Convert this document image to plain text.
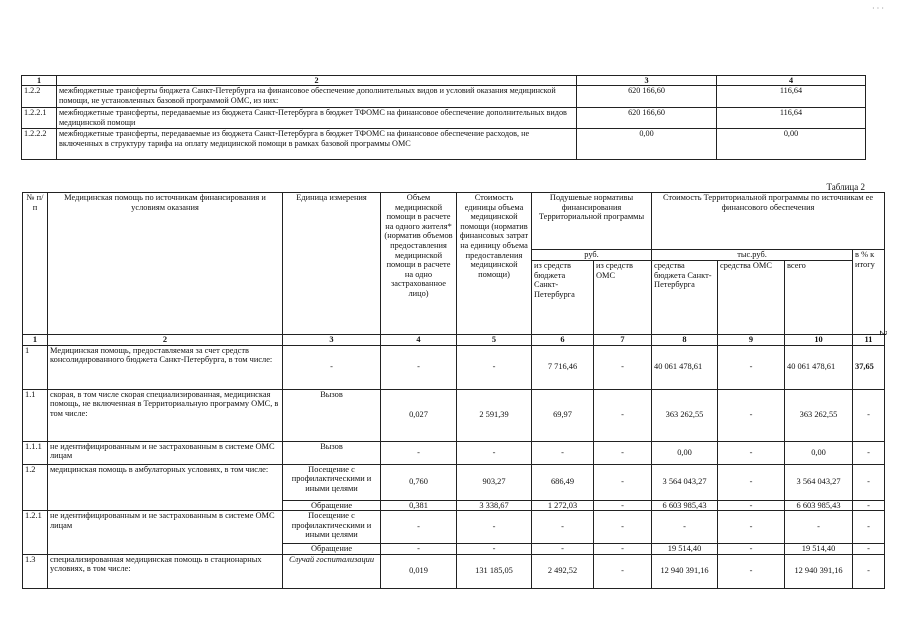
· · ·
1	2	3	4
1.2.2	межбюджетные трансферты бюджета Санкт-Петербурга на финансовое обеспечение дополнительных видов и условий оказания медицинской помощи, не установленных базовой программой ОМС, из них:	620 166,60	116,64
1.2.2.1	межбюджетные трансферты, передаваемые из бюджета Санкт-Петербурга в бюджет ТФОМС на финансовое обеспечение дополнительных видов медицинской помощи	620 166,60	116,64
1.2.2.2	межбюджетные трансферты, передаваемые из бюджета Санкт-Петербурга в бюджет ТФОМС на финансовое обеспечение расходов, не включенных в структуру тарифа на оплату медицинской помощи в рамках базовой программы ОМС	0,00	0,00
Таблица 2
№ п/п	Медицинская помощь по источникам финансирования и условиям оказания	Единица измерения	Объем медицинской помощи в расчете на одного жителя* (норматив объемов предоставления медицинской помощи в расчете на одно застрахованное лицо)	Стоимость единицы объема медицинской помощи (норматив финансовых затрат на единицу объема предоставления медицинской помощи)	Подушевые нормативы финансирования Территориальной программы		Стоимость Территориальной программы по источникам ее финансового обеспечения			
					руб.		тыс.руб.			в % к итогу
					из средств бюджета Санкт-Петербурга	из средств ОМС	средства бюджета Санкт-Петербурга	средства ОМС	всего	

1	2	3	4	5	6	7	8	9	10	11
1	Медицинская помощь, предоставляемая за счет средств консолидированного бюджета Санкт-Петербурга, в том числе:	-	-	-	7 716,46	-	40 061 478,61	-	40 061 478,61	37,65
1.1	скорая, в том числе скорая специализированная, медицинская помощь, не включенная в Территориальную программу ОМС, в том числе:	Вызов	0,027	2 591,39	69,97	-	363 262,55	-	363 262,55	-
1.1.1	не идентифицированным и не застрахованным в системе ОМС лицам	Вызов	-	-	-	-	0,00	-	0,00	-
1.2	медицинская помощь в амбулаторных условиях, в том числе:	Посещение с профилактическими и иными целями	0,760	903,27	686,49	-	3 564 043,27	-	3 564 043,27	-
		Обращение	0,381	3 338,67	1 272,03	-	6 603 985,43	-	6 603 985,43	-
1.2.1	не идентифицированным и не застрахованным в системе ОМС лицам	Посещение с профилактическими и иными целями	-	-	-	-	-	-	-	-
		Обращение	-	-	-	-	19 514,40	-	19 514,40	-
1.3	специализированная медицинская помощь в стационарных условиях, в том числе:	Случай госпитализации	0,019	131 185,05	2 492,52	-	12 940 391,16	-	12 940 391,16	-
2
